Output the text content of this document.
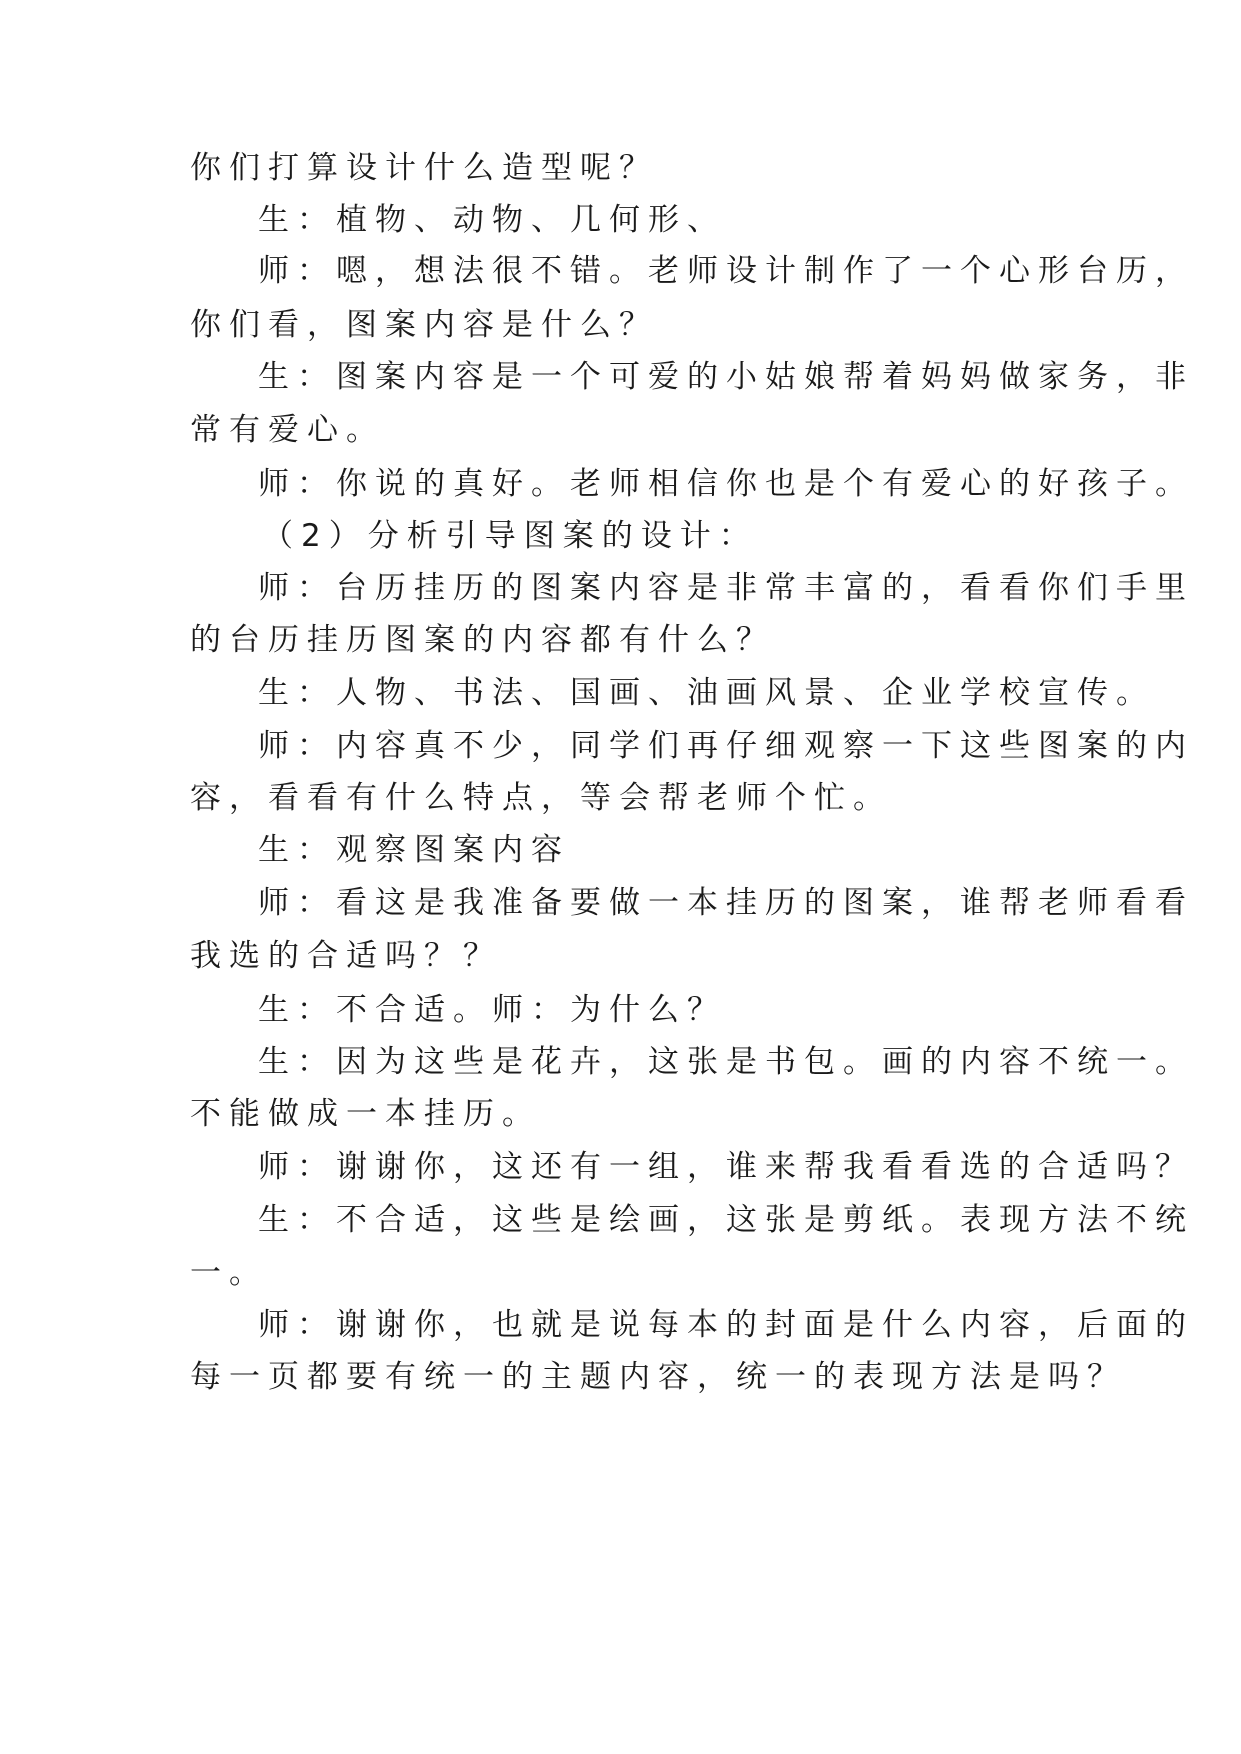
你们打算设计什么造型呢？
生：植物、动物、几何形、
师：嗯，想法很不错。老师设计制作了一个心形台历，
你们看，图案内容是什么？
生：图案内容是一个可爱的小姑娘帮着妈妈做家务，非
常有爱心。
师：你说的真好。老师相信你也是个有爱心的好孩子。
（2）分析引导图案的设计：
师：台历挂历的图案内容是非常丰富的，看看你们手里
的台历挂历图案的内容都有什么？
生：人物、书法、国画、油画风景、企业学校宣传。
师：内容真不少，同学们再仔细观察一下这些图案的内
容，看看有什么特点，等会帮老师个忙。
生：观察图案内容
师：看这是我准备要做一本挂历的图案，谁帮老师看看
我选的合适吗？？
生：不合适。师：为什么？
生：因为这些是花卉，这张是书包。画的内容不统一。
不能做成一本挂历。
师：谢谢你，这还有一组，谁来帮我看看选的合适吗？
生：不合适，这些是绘画，这张是剪纸。表现方法不统
一。
师：谢谢你，也就是说每本的封面是什么内容，后面的
每一页都要有统一的主题内容，统一的表现方法是吗？
